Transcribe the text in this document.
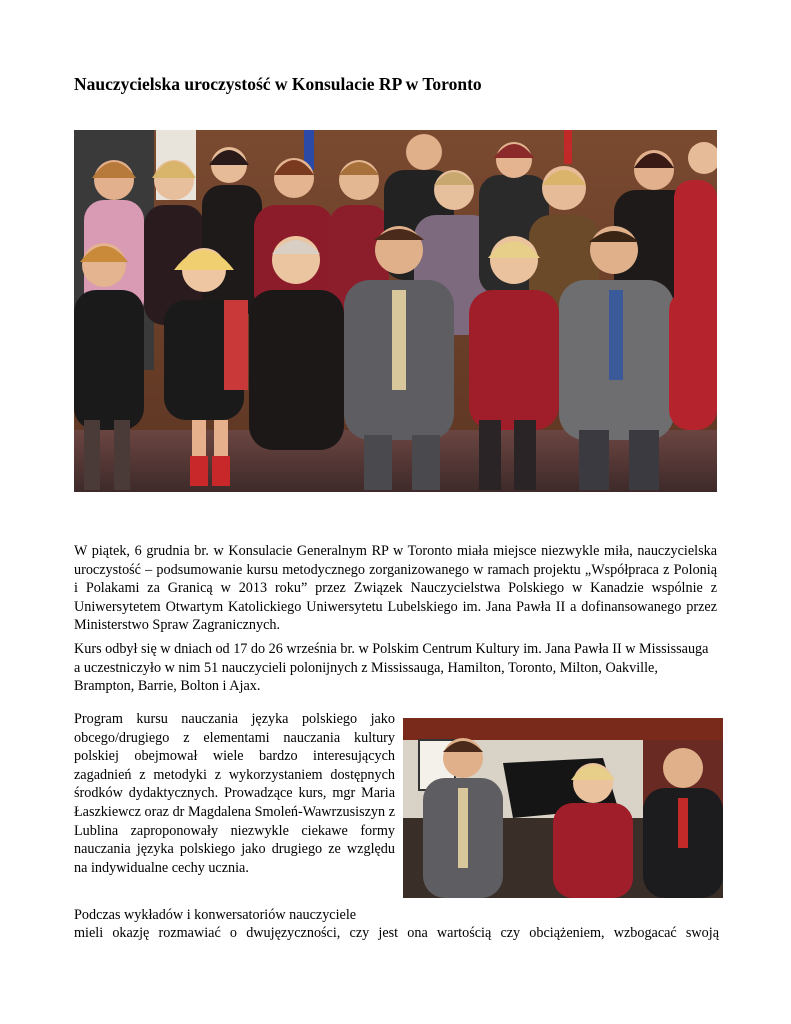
Nauczycielska uroczystość w Konsulacie RP w Toronto

W piątek, 6 grudnia br. w Konsulacie Generalnym RP w Toronto miała miejsce niezwykle miła, nauczycielska uroczystość – podsumowanie kursu metodycznego zorganizowanego w ramach projektu „Współpraca z Polonią i Polakami za Granicą w 2013 roku” przez Związek Nauczycielstwa Polskiego w Kanadzie wspólnie z Uniwersytetem Otwartym Katolickiego Uniwersytetu Lubelskiego im. Jana Pawła II a dofinansowanego przez Ministerstwo Spraw Zagranicznych.

Kurs odbył się w dniach od 17 do 26 września br. w Polskim Centrum Kultury im. Jana Pawła II w Mississauga a uczestniczyło w nim 51 nauczycieli polonijnych z Mississauga, Hamilton, Toronto, Milton, Oakville, Brampton, Barrie, Bolton i Ajax.

Program kursu nauczania języka polskiego jako obcego/drugiego z elementami nauczania kultury polskiej obejmował wiele bardzo interesujących zagadnień z metodyki z wykorzystaniem dostępnych środków dydaktycznych. Prowadzące kurs, mgr Maria Łaszkiewcz oraz dr Magdalena Smoleń-Wawrzusiszyn z Lublina zaproponowały niezwykle ciekawe formy nauczania języka polskiego jako drugiego ze względu na indywidualne cechy ucznia.

Podczas wykładów i konwersatoriów nauczyciele

mieli okazję rozmawiać o dwujęzyczności, czy jest ona wartością czy obciążeniem, wzbogacać swoją
